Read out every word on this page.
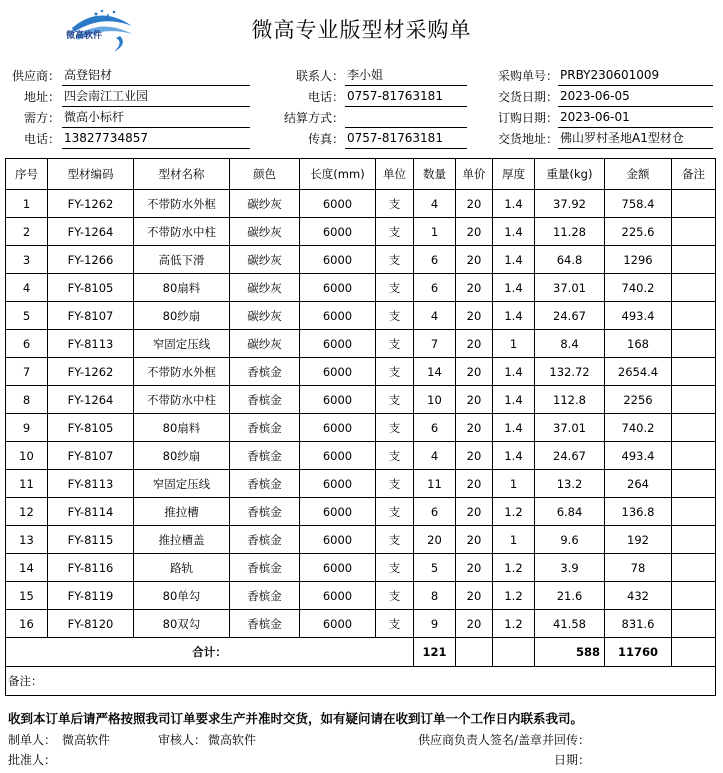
微高软件	微高专业版型材采购单
供应商： 高登铝材	联系人： 李小姐	采购单号： PRBY230601009
地址： 四会南江工业园	电话： 0757-81763181	交货日期： 2023-06-05
需方： 微高小标杆	结算方式：	订购日期： 2023-06-01
电话： 13827734857	传真： 0757-81763181	交货地址： 佛山罗村圣地A1型材仓
序号	型材编码	型材名称	颜色	长度(mm)	单位	数量	单价	厚度	重量(kg)	金额	备注
1	FY-1262	不带防水外框	碳纱灰	6000	支	4	20	1.4	37.92	758.4	
2	FY-1264	不带防水中柱	碳纱灰	6000	支	1	20	1.4	11.28	225.6	
3	FY-1266	高低下滑	碳纱灰	6000	支	6	20	1.4	64.8	1296	
4	FY-8105	80扇料	碳纱灰	6000	支	6	20	1.4	37.01	740.2	
5	FY-8107	80纱扇	碳纱灰	6000	支	4	20	1.4	24.67	493.4	
6	FY-8113	窄固定压线	碳纱灰	6000	支	7	20	1	8.4	168	
7	FY-1262	不带防水外框	香槟金	6000	支	14	20	1.4	132.72	2654.4	
8	FY-1264	不带防水中柱	香槟金	6000	支	10	20	1.4	112.8	2256	
9	FY-8105	80扇料	香槟金	6000	支	6	20	1.4	37.01	740.2	
10	FY-8107	80纱扇	香槟金	6000	支	4	20	1.4	24.67	493.4	
11	FY-8113	窄固定压线	香槟金	6000	支	11	20	1	13.2	264	
12	FY-8114	推拉槽	香槟金	6000	支	6	20	1.2	6.84	136.8	
13	FY-8115	推拉槽盖	香槟金	6000	支	20	20	1	9.6	192	
14	FY-8116	路轨	香槟金	6000	支	5	20	1.2	3.9	78	
15	FY-8119	80单勾	香槟金	6000	支	8	20	1.2	21.6	432	
16	FY-8120	80双勾	香槟金	6000	支	9	20	1.2	41.58	831.6	
合计：						121			588	11760	
备注：											
收到本订单后请严格按照我司订单要求生产并准时交货，如有疑问请在收到订单一个工作日内联系我司。
制单人： 微高软件	审核人： 微高软件	供应商负责人签名/盖章并回传：
批准人：	日期：
